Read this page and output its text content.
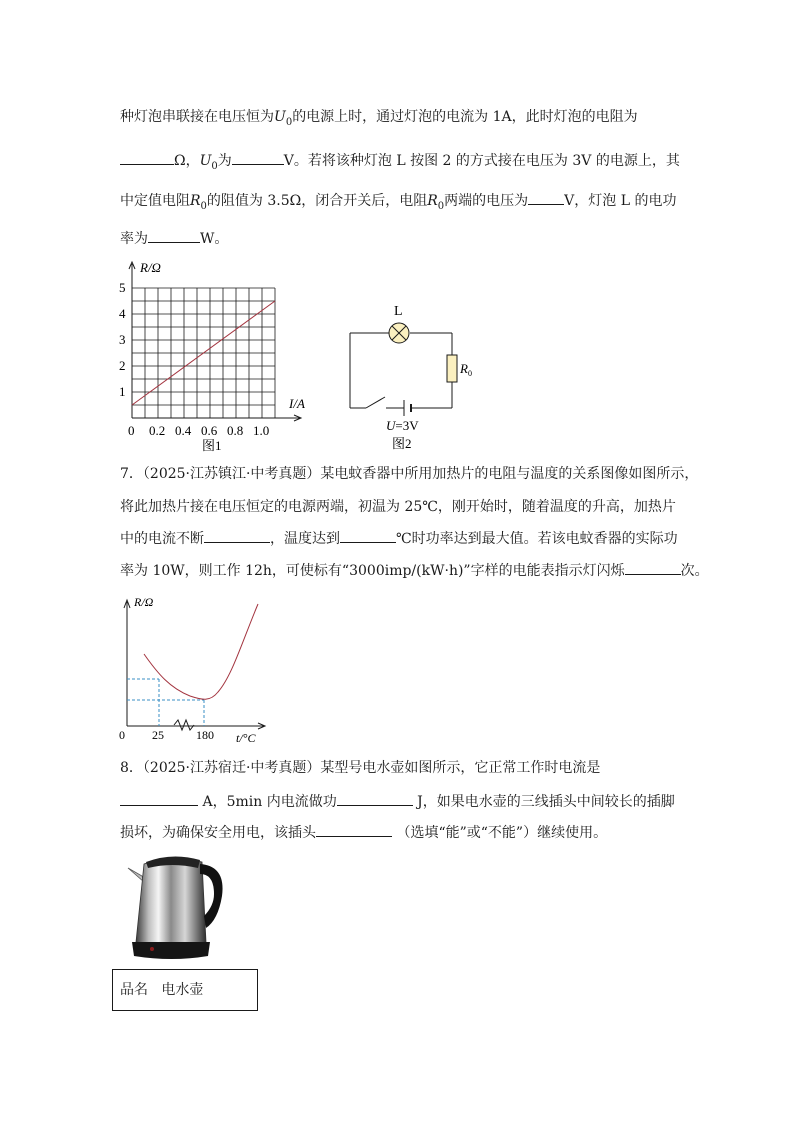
种灯泡串联接在电压恒为$U_0$的电源上时，通过灯泡的电流为 1A，此时灯泡的电阻为
Ω，$U_0$为	V。若将该种灯泡 L 按图 2 的方式接在电压为 3V 的电源上，其
中定值电阻$R_0$的阻值为 3.5Ω，闭合开关后，电阻$R_0$两端的电压为	V，灯泡 L 的电功
率为	W。
R/Ω
I/A
1
2
3
4
5
0 0.2 0.4 0.6 0.8 1.0
图1
L
$R_0$
U=3V
图2
7．（2025·江苏镇江·中考真题）某电蚊香器中所用加热片的电阻与温度的关系图像如图所示，
将此加热片接在电压恒定的电源两端，初温为 25℃，刚开始时，随着温度的升高，加热片
中的电流不断	，温度达到	℃时功率达到最大值。若该电蚊香器的实际功
率为 10W，则工作 12h，可使标有“3000imp/(kW·h)”字样的电能表指示灯闪烁	次。
R/Ω
t/°C
0 25	180
8．（2025·江苏宿迁·中考真题）某型号电水壶如图所示，它正常工作时电流是
A，5min 内电流做功	J，如果电水壶的三线插头中间较长的插脚
损坏，为确保安全用电，该插头	（选填“能”或“不能”）继续使用。
品名 电水壶
